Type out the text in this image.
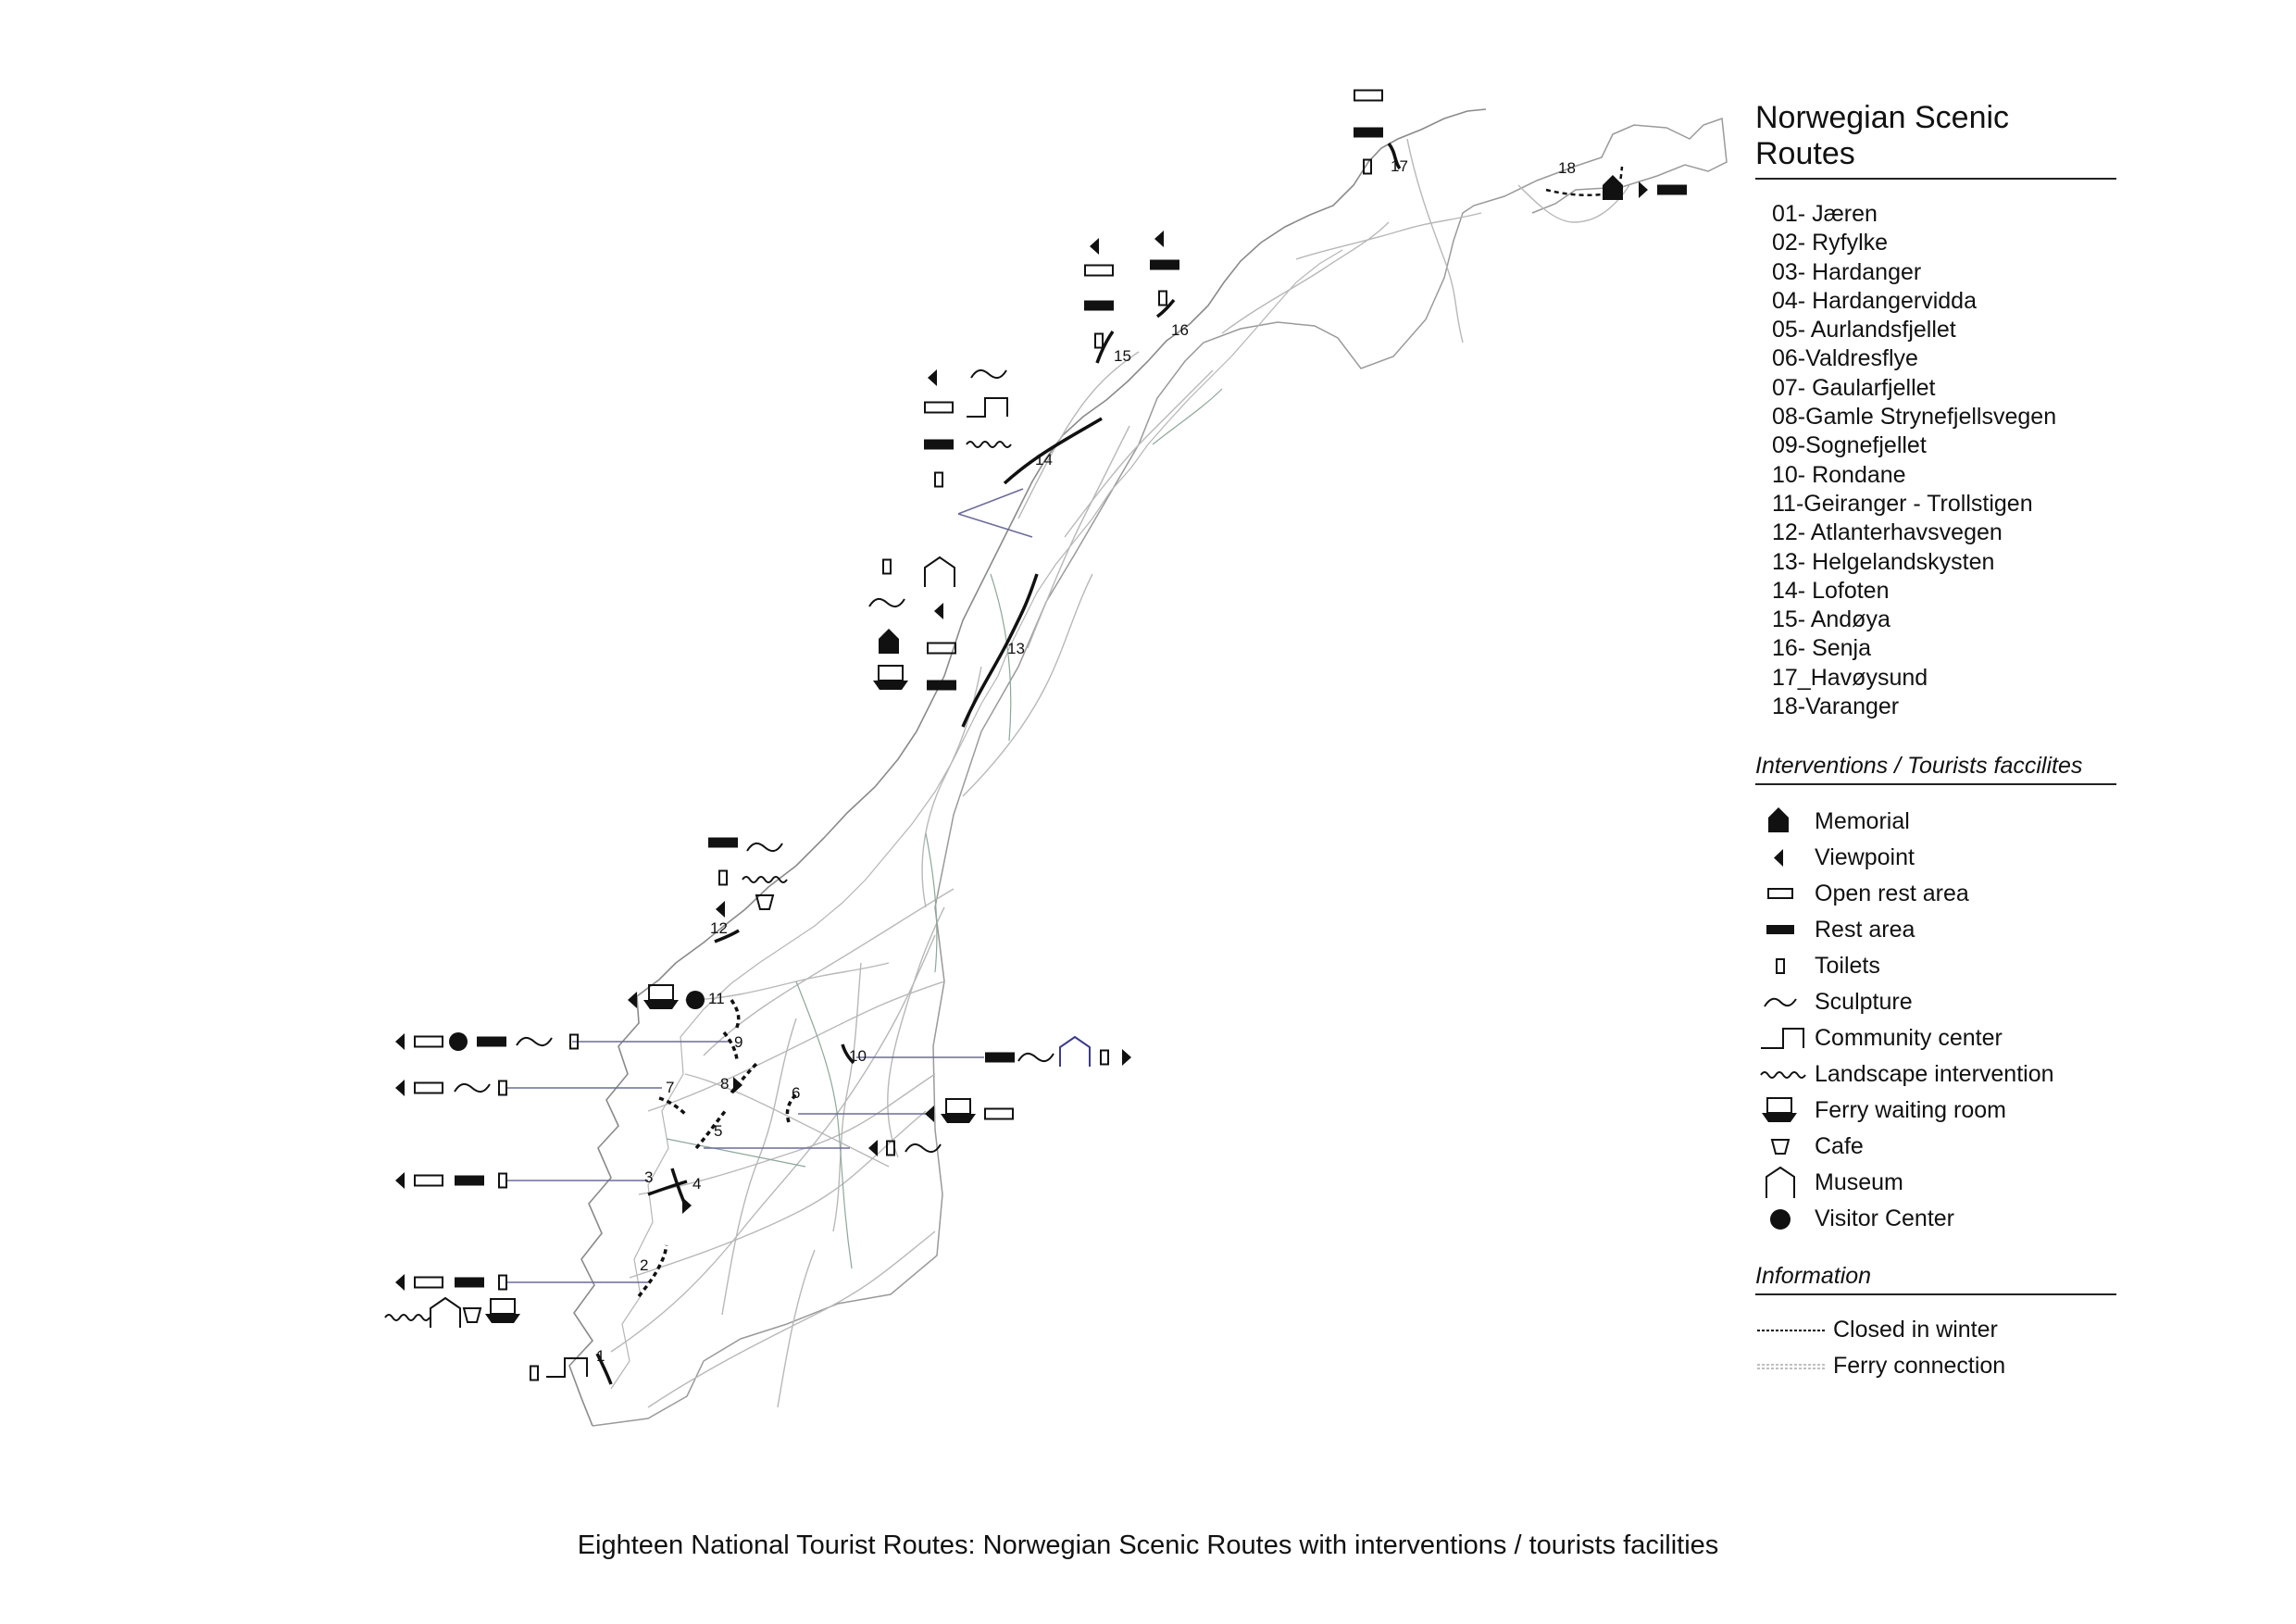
1
2
3	4
5
6
7	8
9
10
11
12
13
14
15
16
17	18
Norwegian Scenic Routes
01- Jæren
02- Ryfylke
03- Hardanger
04- Hardangervidda
05- Aurlandsfjellet
06-Valdresflye
07- Gaularfjellet
08-Gamle Strynefjellsvegen
09-Sognefjellet
10- Rondane
11-Geiranger - Trollstigen
12- Atlanterhavsvegen
13- Helgelandskysten
14- Lofoten
15- Andøya
16- Senja
17_Havøysund
18-Varanger
Interventions / Tourists faccilites
Memorial
Viewpoint
Open rest area
Rest area
Toilets
Sculpture
Community center
Landscape intervention
Ferry waiting room
Cafe
Museum
Visitor Center
Information
Closed in winter
Ferry connection

Eighteen National Tourist Routes: Norwegian Scenic Routes with interventions / tourists facilities
